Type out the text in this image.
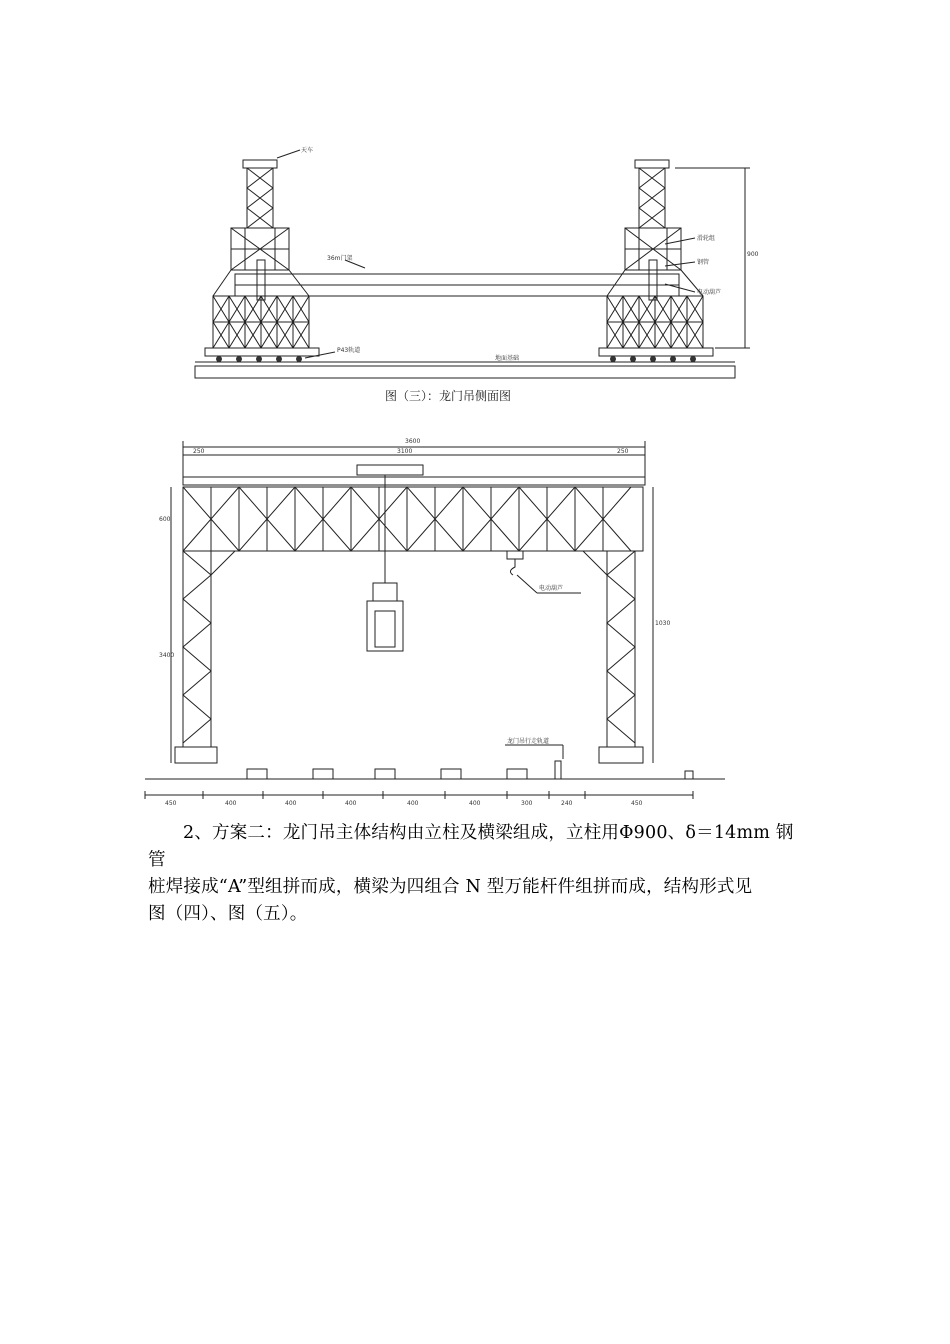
天车
36m门架
P43轨道
地面基础
滑轮组
钢管
电动葫芦
900
图（三）：龙门吊侧面图
3600
250	3100	250
600
3400
1030
电动葫芦
龙门吊行走轨道
450	400	400	400	400	400	300	240	450

2、方案二：龙门吊主体结构由立柱及横梁组成，立柱用Φ900、δ＝14mm 钢管

桩焊接成“A”型组拼而成，横梁为四组合 N 型万能杆件组拼而成，结构形式见
图（四）、图（五）。
